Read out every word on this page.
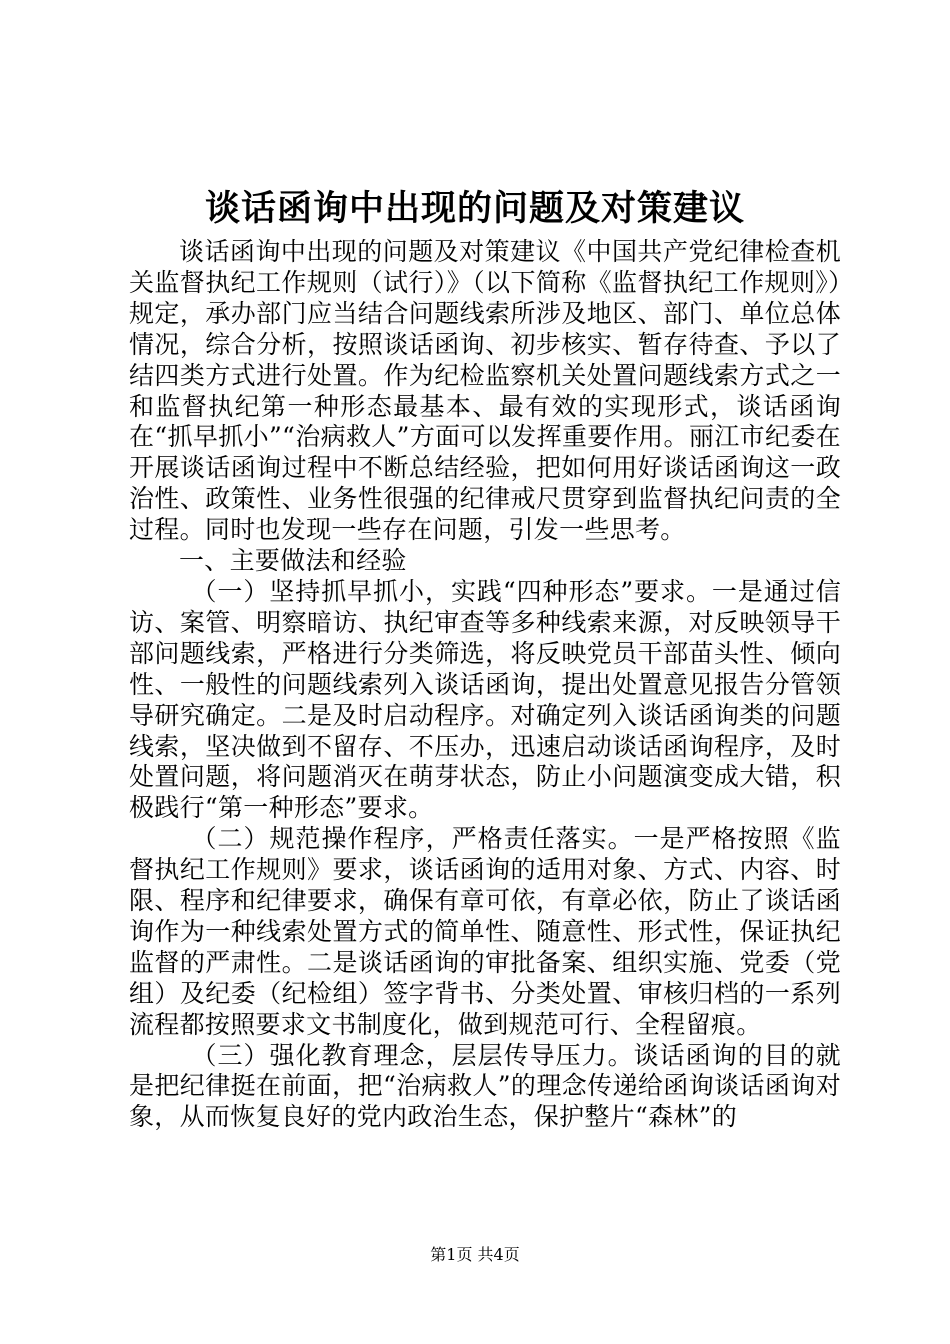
谈话函询中出现的问题及对策建议

谈话函询中出现的问题及对策建议《中国共产党纪律检查机关监督执纪工作规则（试行）》（以下简称《监督执纪工作规则》）规定，承办部门应当结合问题线索所涉及地区、部门、单位总体情况，综合分析，按照谈话函询、初步核实、暂存待查、予以了结四类方式进行处置。作为纪检监察机关处置问题线索方式之一和监督执纪第一种形态最基本、最有效的实现形式，谈话函询在“抓早抓小”“治病救人”方面可以发挥重要作用。丽江市纪委在开展谈话函询过程中不断总结经验，把如何用好谈话函询这一政治性、政策性、业务性很强的纪律戒尺贯穿到监督执纪问责的全过程。同时也发现一些存在问题，引发一些思考。

一、主要做法和经验

（一）坚持抓早抓小，实践“四种形态”要求。一是通过信访、案管、明察暗访、执纪审查等多种线索来源，对反映领导干部问题线索，严格进行分类筛选，将反映党员干部苗头性、倾向性、一般性的问题线索列入谈话函询，提出处置意见报告分管领导研究确定。二是及时启动程序。对确定列入谈话函询类的问题线索，坚决做到不留存、不压办，迅速启动谈话函询程序，及时处置问题，将问题消灭在萌芽状态，防止小问题演变成大错，积极践行“第一种形态”要求。

（二）规范操作程序，严格责任落实。一是严格按照《监督执纪工作规则》要求，谈话函询的适用对象、方式、内容、时限、程序和纪律要求，确保有章可依，有章必依，防止了谈话函询作为一种线索处置方式的简单性、随意性、形式性，保证执纪监督的严肃性。二是谈话函询的审批备案、组织实施、党委（党组）及纪委（纪检组）签字背书、分类处置、审核归档的一系列流程都按照要求文书制度化，做到规范可行、全程留痕。

（三）强化教育理念，层层传导压力。谈话函询的目的就是把纪律挺在前面，把“治病救人”的理念传递给函询谈话函询对象，从而恢复良好的党内政治生态，保护整片“森林”的

第1页 共4页
